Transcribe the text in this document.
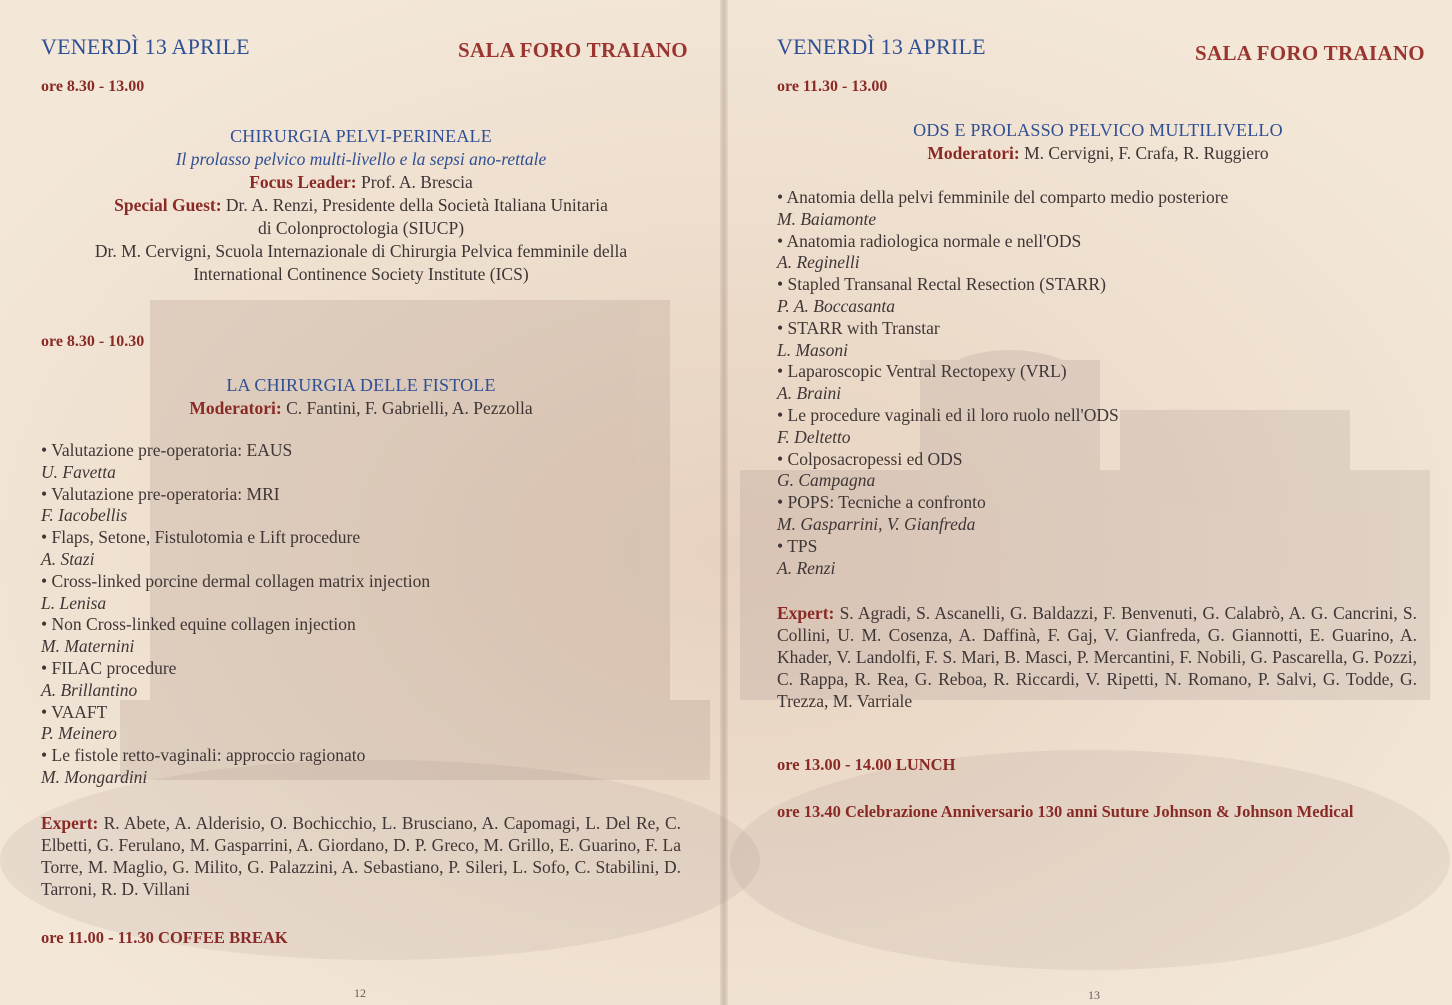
VENERDÌ 13 APRILE	SALA FORO TRAIANO
ore 8.30 - 13.00
CHIRURGIA PELVI-PERINEALE
Il prolasso pelvico multi-livello e la sepsi ano-rettale
Focus Leader: Prof. A. Brescia
Special Guest: Dr. A. Renzi, Presidente della Società Italiana Unitaria
di Colonproctologia (SIUCP)
Dr. M. Cervigni, Scuola Internazionale di Chirurgia Pelvica femminile della
International Continence Society Institute (ICS)
ore 8.30 - 10.30
LA CHIRURGIA DELLE FISTOLE
Moderatori: C. Fantini, F. Gabrielli, A. Pezzolla
• Valutazione pre-operatoria: EAUS
U. Favetta
• Valutazione pre-operatoria: MRI
F. Iacobellis
• Flaps, Setone, Fistulotomia e Lift procedure
A. Stazi
• Cross-linked porcine dermal collagen matrix injection
L. Lenisa
• Non Cross-linked equine collagen injection
M. Maternini
• FILAC procedure
A. Brillantino
• VAAFT
P. Meinero
• Le fistole retto-vaginali: approccio ragionato
M. Mongardini
Expert: R. Abete, A. Alderisio, O. Bochicchio, L. Brusciano, A. Capomagi, L. Del Re, C. Elbetti, G. Ferulano, M. Gasparrini, A. Giordano, D. P. Greco, M. Grillo, E. Guarino, F. La Torre, M. Maglio, G. Milito, G. Palazzini, A. Sebastiano, P. Sileri, L. Sofo, C. Stabilini, D. Tarroni, R. D. Villani
ore 11.00 - 11.30 COFFEE BREAK
12
VENERDÌ 13 APRILE	SALA FORO TRAIANO
ore 11.30 - 13.00
ODS E PROLASSO PELVICO MULTILIVELLO
Moderatori: M. Cervigni, F. Crafa, R. Ruggiero
• Anatomia della pelvi femminile del comparto medio posteriore
M. Baiamonte
• Anatomia radiologica normale e nell'ODS
A. Reginelli
• Stapled Transanal Rectal Resection (STARR)
P. A. Boccasanta
• STARR with Transtar
L. Masoni
• Laparoscopic Ventral Rectopexy (VRL)
A. Braini
• Le procedure vaginali ed il loro ruolo nell'ODS
F. Deltetto
• Colposacropessi ed ODS
G. Campagna
• POPS: Tecniche a confronto
M. Gasparrini, V. Gianfreda
• TPS
A. Renzi
Expert: S. Agradi, S. Ascanelli, G. Baldazzi, F. Benvenuti, G. Calabrò, A. G. Cancrini, S. Collini, U. M. Cosenza, A. Daffinà, F. Gaj, V. Gianfreda, G. Giannotti, E. Guarino, A. Khader, V. Landolfi, F. S. Mari, B. Masci, P. Mercantini, F. Nobili, G. Pascarella, G. Pozzi, C. Rappa, R. Rea, G. Reboa, R. Riccardi, V. Ripetti, N. Romano, P. Salvi, G. Todde, G. Trezza, M. Varriale
ore 13.00 - 14.00 LUNCH
ore 13.40 Celebrazione Anniversario 130 anni Suture Johnson & Johnson Medical
13
